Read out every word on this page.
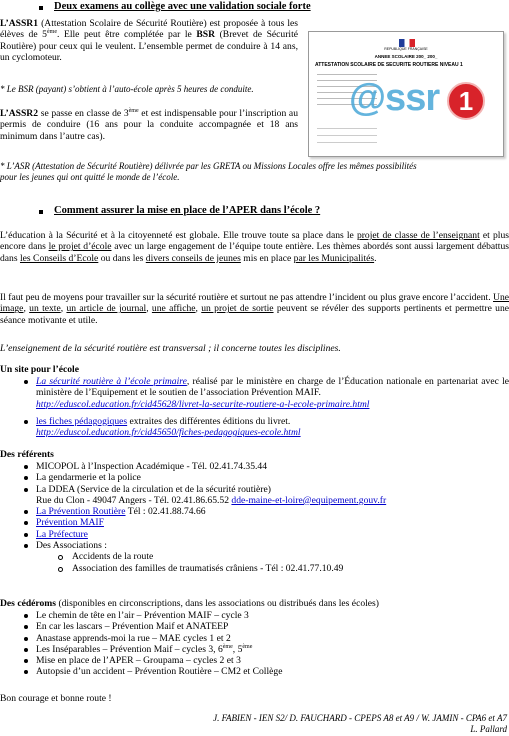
Deux examens au collège avec une validation sociale forte
L’ASSR1 (Attestation Scolaire de Sécurité Routière) est proposée à tous les élèves de 5ème. Elle peut être complétée par le BSR (Brevet de Sécurité Routière) pour ceux qui le veulent. L’ensemble permet de conduire à 14 ans, un cyclomoteur.
* Le BSR (payant) s’obtient à l’auto-école après 5 heures de conduite.
L’ASSR2 se passe en classe de 3ème et est indispensable pour l’inscription au permis de conduire (16 ans pour la conduite accompagnée et 18 ans minimum dans l’autre cas).
* L’ASR (Attestation de Sécurité Routière) délivrée par les GRETA ou Missions Locales offre les mêmes possibilités pour les jeunes qui ont quitté le monde de l’école.
REPUBLIQUE FRANÇAISE
ANNEE SCOLAIRE 200_ 200_
ATTESTATION SCOLAIRE DE SECURITE ROUTIERE NIVEAU 1
@ssr 1
Comment assurer la mise en place de l’APER dans l’école ?
L’éducation à la Sécurité et à la citoyenneté est globale. Elle trouve toute sa place dans le projet de classe de l’enseignant et plus encore dans le projet d’école avec un large engagement de l’équipe toute entière. Les thèmes abordés sont aussi largement débattus dans les Conseils d’Ecole ou dans les divers conseils de jeunes mis en place par les Municipalités.
Il faut peu de moyens pour travailler sur la sécurité routière et surtout ne pas attendre l’incident ou plus grave encore l’accident. Une image, un texte, un article de journal, une affiche, un projet de sortie peuvent se révéler des supports pertinents et permettre une séance motivante et utile.
L’enseignement de la sécurité routière est transversal ; il concerne toutes les disciplines.
Un site pour l’école
La sécurité routière à l’école primaire, réalisé par le ministère en charge de l’Éducation nationale en partenariat avec le ministère de l’Equipement et le soutien de l’association Prévention MAIF.
http://eduscol.education.fr/cid45628/livret-la-securite-routiere-a-l-ecole-primaire.html
les fiches pédagogiques extraites des différentes éditions du livret.
http://eduscol.education.fr/cid45650/fiches-pedagogiques-ecole.html
Des référents
MICOPOL à l’Inspection Académique - Tél. 02.41.74.35.44
La gendarmerie et la police
La DDEA (Service de la circulation et de la sécurité routière)
Rue du Clon - 49047 Angers - Tél. 02.41.86.65.52 dde-maine-et-loire@equipement.gouv.fr
La Prévention Routière Tél : 02.41.88.74.66
Prévention MAIF
La Préfecture
Des Associations :
Accidents de la route
Association des familles de traumatisés crâniens - Tél : 02.41.77.10.49
Des cédéroms (disponibles en circonscriptions, dans les associations ou distribués dans les écoles)
Le chemin de tête en l’air – Prévention MAIF – cycle 3
En car les lascars – Prévention Maif et ANATEEP
Anastase apprends-moi la rue – MAE cycles 1 et 2
Les Inséparables – Prévention Maif – cycles 3, 6ème, 5ème
Mise en place de l’APER – Groupama – cycles 2 et 3
Autopsie d’un accident – Prévention Routière – CM2 et Collège
Bon courage et bonne route !
J. FABIEN - IEN S2/ D. FAUCHARD - CPEPS A8 et A9 / W. JAMIN - CPA6 et A7
L. Pallard
